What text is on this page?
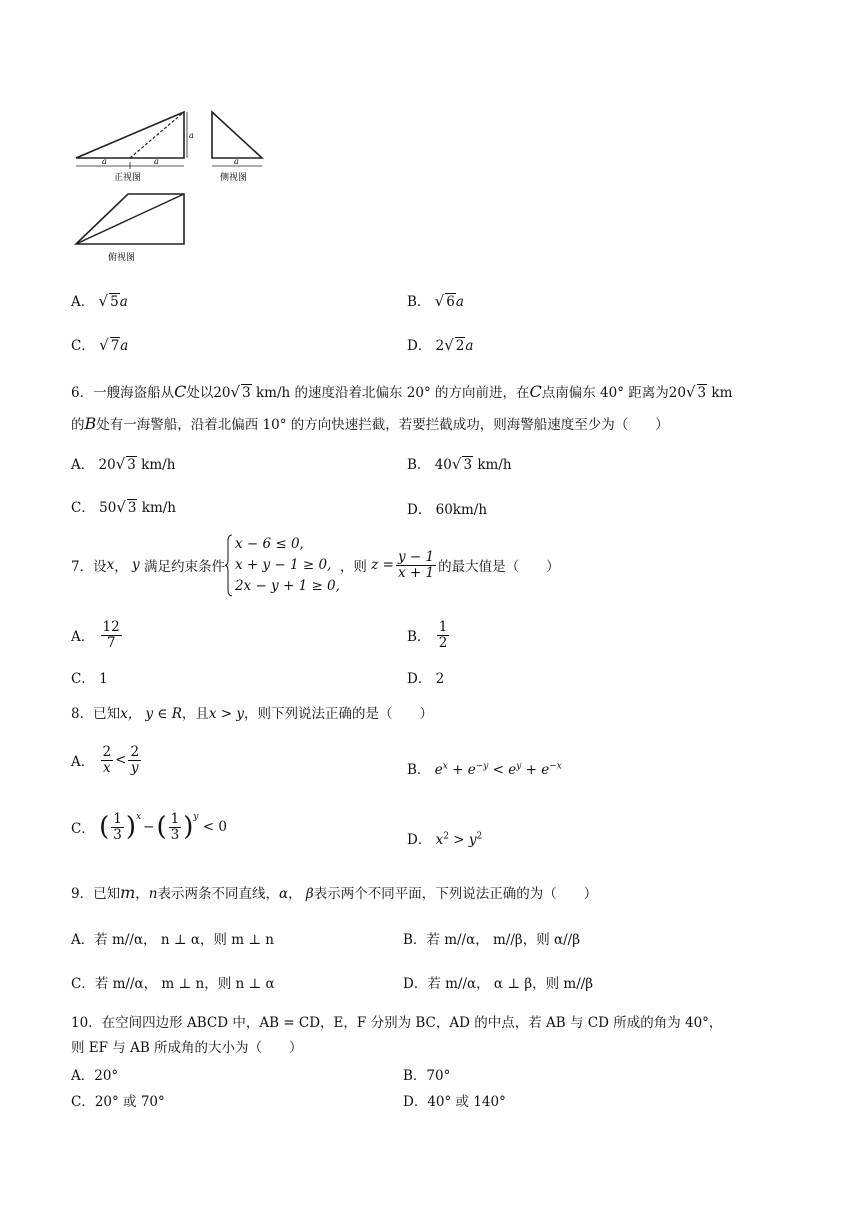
a	a
a
正视图
a
侧视图
俯视图
A． √ 5a	B． √ 6a
C． √ 7a	D． 2√ 2a
6．一艘海盗船从C处以20√ 3 km/h 的速度沿着北偏东 20° 的方向前进，在C点南偏东 40° 距离为20√ 3 km
的B处有一海警船，沿着北偏西 10° 的方向快速拦截，若要拦截成功，则海警船速度至少为（　　）
A． 20√ 3 km/h	B． 40√ 3 km/h
C． 50√ 3 km/h	D． 60km/h
7．设 x ，
y
满足约束条件
x − 6 ≤ 0,
x + y − 1 ≥ 0,
2x − y + 1 ≥ 0,
，则
$z = \frac{y - 1}{x + 1}$ 的最大值是（　　）
A．
$\frac{12}{7}$	B．
$\frac{1}{2}$
C． 1	D． 2
8．已知x， y ∈ R，且x > y，则下列说法正确的是（　　）
A．
$\frac{2}{x} < \frac{2}{y}$	B． $e^x + e^{-y} < e^y + e^{-x}$
C．
( $\frac{1}{3} )^x$
− ( $\frac{1}{3} )^y$

< 0
D． $x^2 > y^2$
9．已知m，n表示两条不同直线，α， β表示两个不同平面，下列说法正确的为（　　）
A．若 m//α， n ⊥ α，则 m ⊥ n	B．若 m//α， m//β，则 α//β
C．若 m//α， m ⊥ n，则 n ⊥ α	D．若 m//α， α ⊥ β，则 m//β
10．在空间四边形 ABCD 中，AB = CD，E，F 分别为 BC，AD 的中点，若 AB 与 CD 所成的角为 40°，
则 EF 与 AB 所成角的大小为（　　）
A．20°	B．70°
C．20° 或 70°	D．40° 或 140°
